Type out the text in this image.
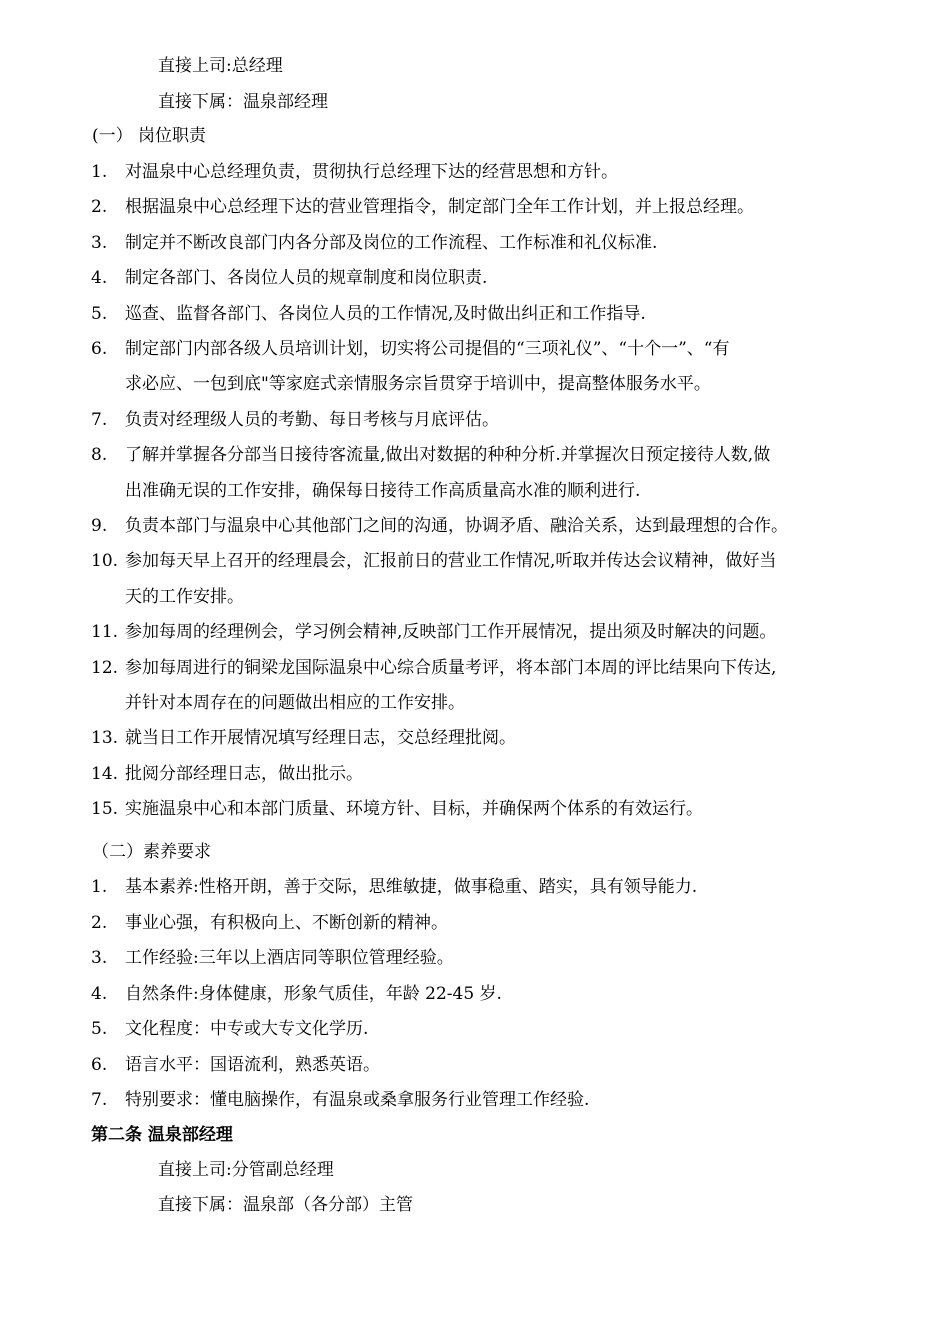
直接上司:总经理
直接下属：温泉部经理
(一） 岗位职责
1. 对温泉中心总经理负责，贯彻执行总经理下达的经营思想和方针。
2. 根据温泉中心总经理下达的营业管理指令，制定部门全年工作计划，并上报总经理。
3. 制定并不断改良部门内各分部及岗位的工作流程、工作标准和礼仪标准.
4. 制定各部门、各岗位人员的规章制度和岗位职责.
5. 巡查、监督各部门、各岗位人员的工作情况,及时做出纠正和工作指导.
6. 制定部门内部各级人员培训计划，切实将公司提倡的“三项礼仪”、“十个一”、“有
求必应、一包到底"等家庭式亲情服务宗旨贯穿于培训中，提高整体服务水平。
7. 负责对经理级人员的考勤、每日考核与月底评估。
8. 了解并掌握各分部当日接待客流量,做出对数据的种种分析.并掌握次日预定接待人数,做
出准确无误的工作安排，确保每日接待工作高质量高水准的顺利进行.
9. 负责本部门与温泉中心其他部门之间的沟通，协调矛盾、融洽关系，达到最理想的合作。
10. 参加每天早上召开的经理晨会，汇报前日的营业工作情况,听取并传达会议精神，做好当
天的工作安排。
11. 参加每周的经理例会，学习例会精神,反映部门工作开展情况，提出须及时解决的问题。
12. 参加每周进行的铜梁龙国际温泉中心综合质量考评，将本部门本周的评比结果向下传达,
并针对本周存在的问题做出相应的工作安排。
13. 就当日工作开展情况填写经理日志，交总经理批阅。
14. 批阅分部经理日志，做出批示。
15. 实施温泉中心和本部门质量、环境方针、目标，并确保两个体系的有效运行。
（二）素养要求
1. 基本素养:性格开朗，善于交际，思维敏捷，做事稳重、踏实，具有领导能力.
2. 事业心强，有积极向上、不断创新的精神。
3. 工作经验:三年以上酒店同等职位管理经验。
4. 自然条件:身体健康，形象气质佳，年龄 22-45 岁.
5. 文化程度：中专或大专文化学历.
6. 语言水平：国语流利，熟悉英语。
7. 特别要求：懂电脑操作，有温泉或桑拿服务行业管理工作经验.
第二条 温泉部经理
直接上司:分管副总经理
直接下属：温泉部（各分部）主管
